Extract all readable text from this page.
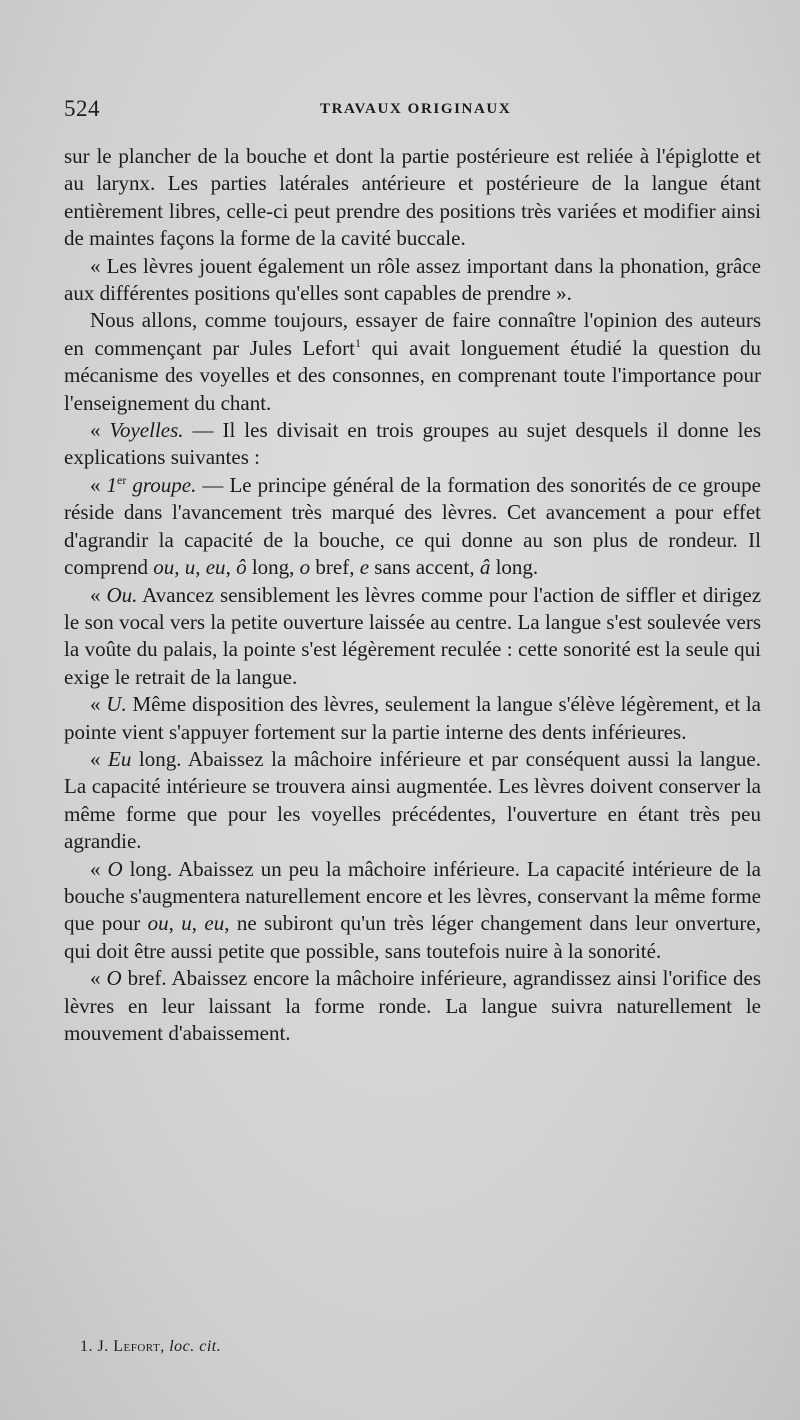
524	TRAVAUX ORIGINAUX

sur le plancher de la bouche et dont la partie postérieure est reliée à l'épiglotte et au larynx. Les parties latérales antérieure et postérieure de la langue étant entièrement libres, celle-ci peut prendre des positions très variées et modifier ainsi de maintes façons la forme de la cavité buccale.

« Les lèvres jouent également un rôle assez important dans la phonation, grâce aux différentes positions qu'elles sont capables de prendre ».

Nous allons, comme toujours, essayer de faire connaître l'opinion des auteurs en commençant par Jules Lefort$^1$ qui avait longuement étudié la question du mécanisme des voyelles et des consonnes, en comprenant toute l'importance pour l'enseignement du chant.

« Voyelles. — Il les divisait en trois groupes au sujet desquels il donne les explications suivantes :

« 1er groupe. — Le principe général de la formation des sonorités de ce groupe réside dans l'avancement très marqué des lèvres. Cet avancement a pour effet d'agrandir la capacité de la bouche, ce qui donne au son plus de rondeur. Il comprend ou, u, eu, ô long, o bref, e sans accent, â long.

« Ou. Avancez sensiblement les lèvres comme pour l'action de siffler et dirigez le son vocal vers la petite ouverture laissée au centre. La langue s'est soulevée vers la voûte du palais, la pointe s'est légèrement reculée : cette sonorité est la seule qui exige le retrait de la langue.

« U. Même disposition des lèvres, seulement la langue s'élève légèrement, et la pointe vient s'appuyer fortement sur la partie interne des dents inférieures.

« Eu long. Abaissez la mâchoire inférieure et par conséquent aussi la langue. La capacité intérieure se trouvera ainsi augmentée. Les lèvres doivent conserver la même forme que pour les voyelles précédentes, l'ouverture en étant très peu agrandie.

« O long. Abaissez un peu la mâchoire inférieure. La capacité intérieure de la bouche s'augmentera naturellement encore et les lèvres, conservant la même forme que pour ou, u, eu, ne subiront qu'un très léger changement dans leur onverture, qui doit être aussi petite que possible, sans toutefois nuire à la sonorité.

« O bref. Abaissez encore la mâchoire inférieure, agrandissez ainsi l'orifice des lèvres en leur laissant la forme ronde. La langue suivra naturellement le mouvement d'abaissement.

1. J. Lefort, loc. cit.
